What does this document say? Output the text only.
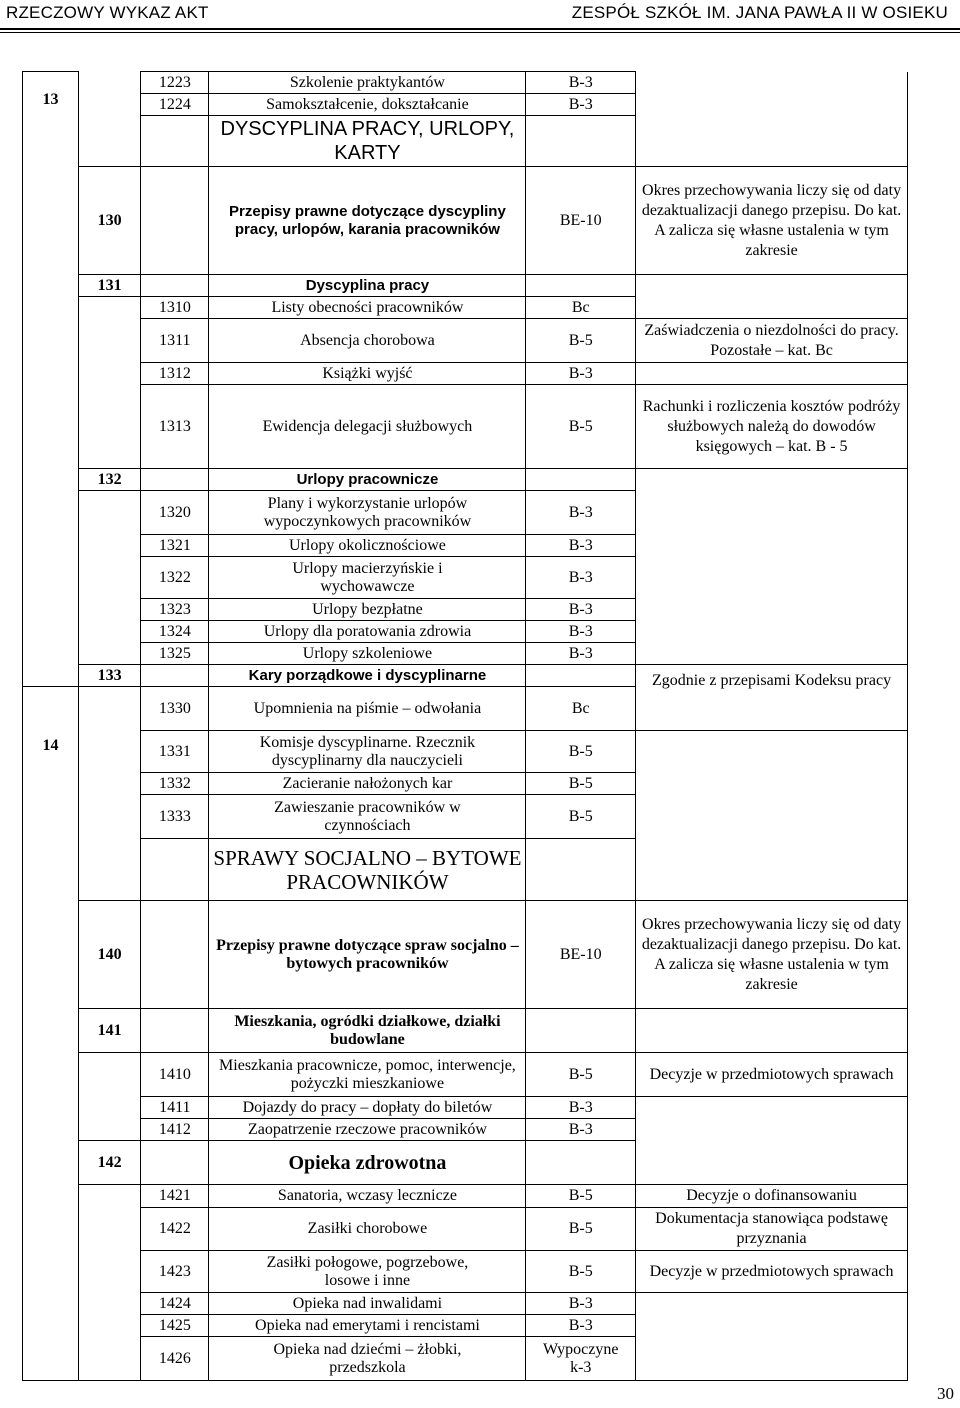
RZECZOWY WYKAZ AKT	ZESPÓŁ SZKÓŁ IM. JANA PAWŁA II W OSIEKU
13		1223	Szkolenie praktykantów	B-3	
		1224	Samokształcenie, dokształcanie	B-3	
			DYSCYPLINA PRACY, URLOPY, KARTY		
	130		Przepisy prawne dotyczące dyscypliny pracy, urlopów, karania pracowników	BE-10	Okres przechowywania liczy się od daty dezaktualizacji danego przepisu. Do kat. A zalicza się własne ustalenia w tym zakresie
	131		Dyscyplina pracy		
		1310	Listy obecności pracowników	Bc	
		1311	Absencja chorobowa	B-5	Zaświadczenia o niezdolności do pracy. Pozostałe – kat. Bc
		1312	Książki wyjść	B-3	
		1313	Ewidencja delegacji służbowych	B-5	Rachunki i rozliczenia kosztów podróży służbowych należą do dowodów księgowych – kat. B - 5
	132		Urlopy pracownicze		
		1320	Plany i wykorzystanie urlopów wypoczynkowych pracowników	B-3	
		1321	Urlopy okolicznościowe	B-3	
		1322	Urlopy macierzyńskie i wychowawcze	B-3	
		1323	Urlopy bezpłatne	B-3	
		1324	Urlopy dla poratowania zdrowia	B-3	
		1325	Urlopy szkoleniowe	B-3	
	133		Kary porządkowe i dyscyplinarne		Zgodnie z przepisami Kodeksu pracy
14		1330	Upomnienia na piśmie – odwołania	Bc	
		1331	Komisje dyscyplinarne. Rzecznik dyscyplinarny dla nauczycieli	B-5	
		1332	Zacieranie nałożonych kar	B-5	
		1333	Zawieszanie pracowników w czynnościach	B-5	
			SPRAWY SOCJALNO – BYTOWE PRACOWNIKÓW		
	140		Przepisy prawne dotyczące spraw socjalno – bytowych pracowników	BE-10	Okres przechowywania liczy się od daty dezaktualizacji danego przepisu. Do kat. A zalicza się własne ustalenia w tym zakresie
	141		Mieszkania, ogródki działkowe, działki budowlane		
		1410	Mieszkania pracownicze, pomoc, interwencje, pożyczki mieszkaniowe	B-5	Decyzje w przedmiotowych sprawach
		1411	Dojazdy do pracy – dopłaty do biletów	B-3	
		1412	Zaopatrzenie rzeczowe pracowników	B-3	
	142		Opieka zdrowotna		
		1421	Sanatoria, wczasy lecznicze	B-5	Decyzje o dofinansowaniu
		1422	Zasiłki chorobowe	B-5	Dokumentacja stanowiąca podstawę przyznania
		1423	Zasiłki połogowe, pogrzebowe, losowe i inne	B-5	Decyzje w przedmiotowych sprawach
		1424	Opieka nad inwalidami	B-3	
		1425	Opieka nad emerytami i rencistami	B-3	
		1426	Opieka nad dziećmi – żłobki, przedszkola	Wypoczyne k-3	
30
